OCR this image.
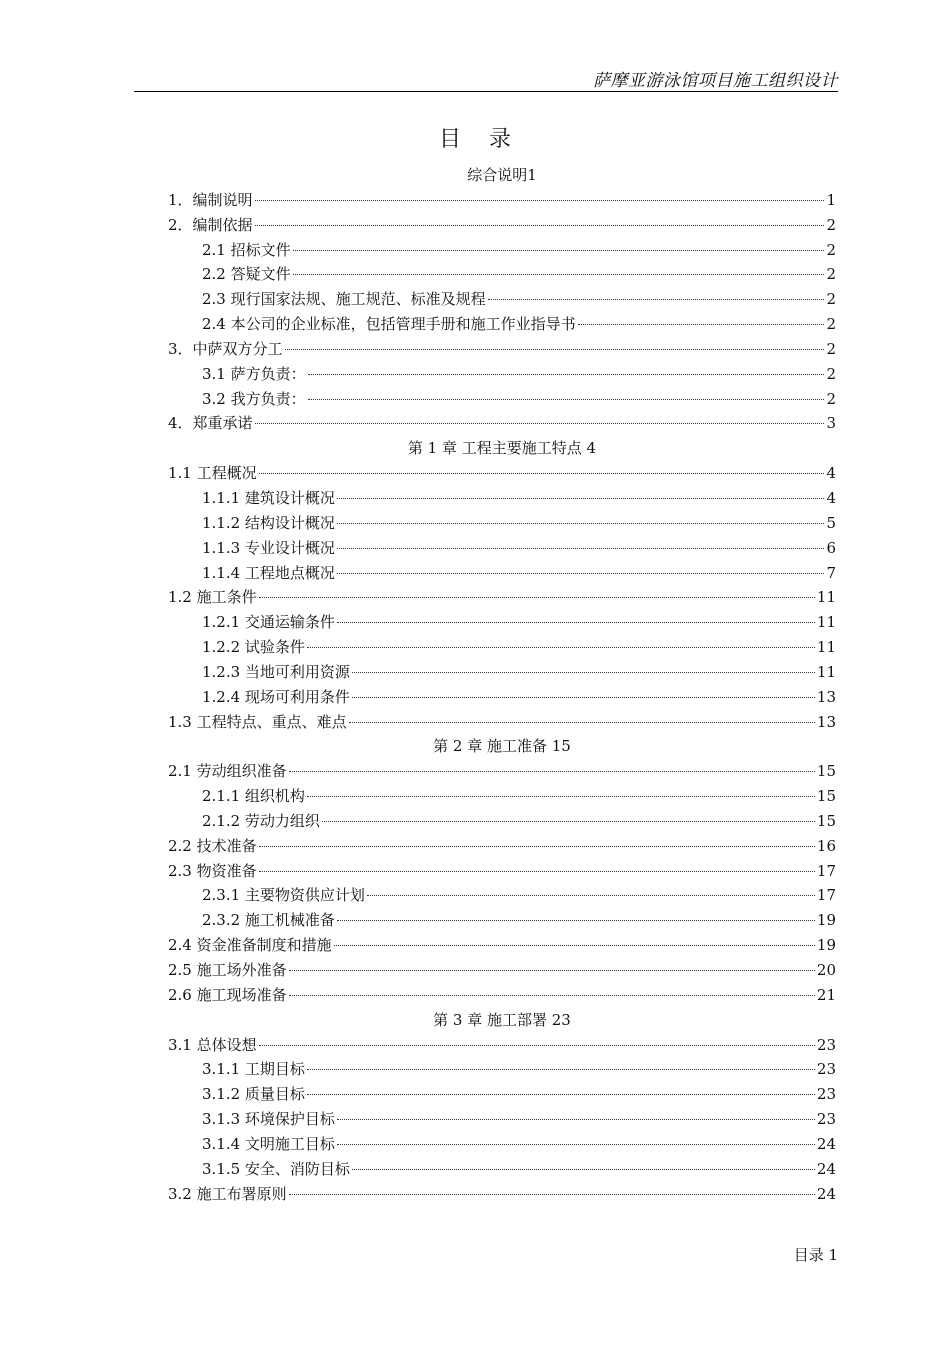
萨摩亚游泳馆项目施工组织设计
目录
综合说明1
1．编制说明	1
2．编制依据	2
2.1 招标文件	2
2.2 答疑文件	2
2.3 现行国家法规、施工规范、标准及规程	2
2.4 本公司的企业标准，包括管理手册和施工作业指导书	2
3．中萨双方分工	2
3.1 萨方负责：	2
3.2 我方负责：	2
4．郑重承诺	3
第 1 章 工程主要施工特点 4
1.1 工程概况	4
1.1.1 建筑设计概况	4
1.1.2 结构设计概况	5
1.1.3 专业设计概况	6
1.1.4 工程地点概况	7
1.2 施工条件	11
1.2.1 交通运输条件	11
1.2.2 试验条件	11
1.2.3 当地可利用资源	11
1.2.4 现场可利用条件	13
1.3 工程特点、重点、难点	13
第 2 章 施工准备 15
2.1 劳动组织准备	15
2.1.1 组织机构	15
2.1.2 劳动力组织	15
2.2 技术准备	16
2.3 物资准备	17
2.3.1 主要物资供应计划	17
2.3.2 施工机械准备	19
2.4 资金准备制度和措施	19
2.5 施工场外准备	20
2.6 施工现场准备	21
第 3 章 施工部署 23
3.1 总体设想	23
3.1.1 工期目标	23
3.1.2 质量目标	23
3.1.3 环境保护目标	23
3.1.4 文明施工目标	24
3.1.5 安全、消防目标	24
3.2 施工布署原则	24
目录 1
